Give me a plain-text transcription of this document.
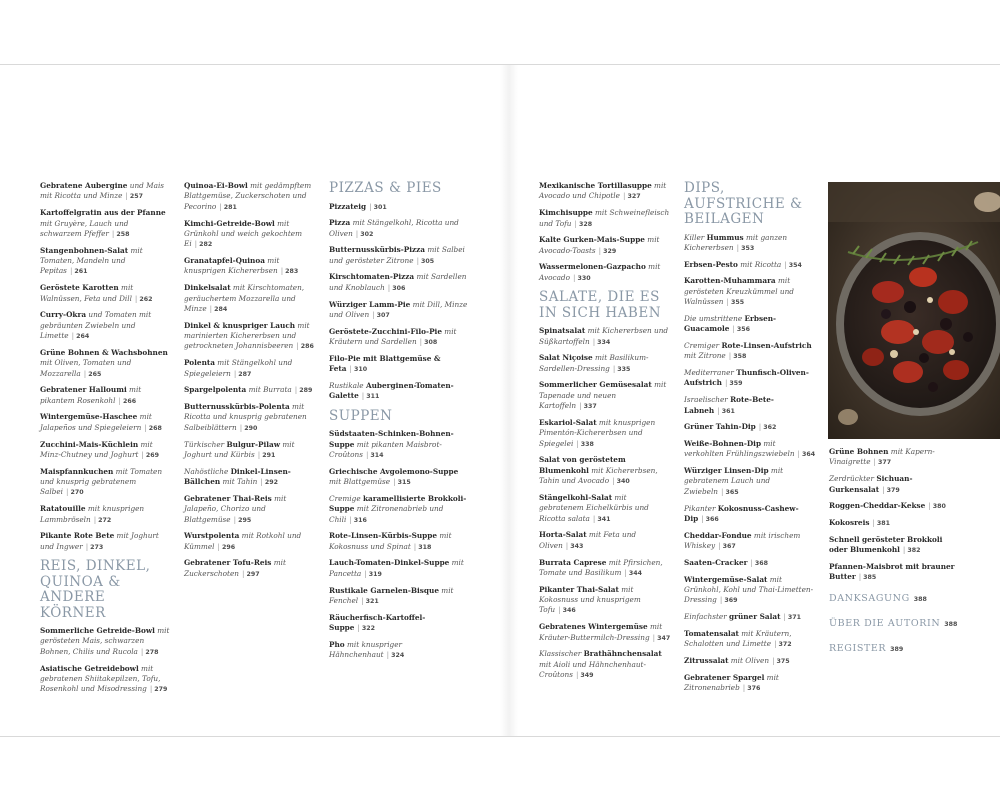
Gebratene Aubergine und Mais mit Ricotta und Minze | 257
Kartoffelgratin aus der Pfanne mit Gruyère, Lauch und schwarzem Pfeffer | 258
Stangenbohnen-Salat mit Tomaten, Mandeln und Pepitas | 261
Geröstete Karotten mit Walnüssen, Feta und Dill | 262
Curry-Okra und Tomaten mit gebräunten Zwiebeln und Limette | 264
Grüne Bohnen & Wachsbohnen mit Oliven, Tomaten und Mozzarella | 265
Gebratener Halloumi mit pikantem Rosenkohl | 266
Wintergemüse-Haschee mit Jalapeños und Spiegeleiern | 268
Zucchini-Mais-Küchlein mit Minz-Chutney und Joghurt | 269
Maispfannkuchen mit Tomaten und knusprig gebratenem Salbei | 270
Ratatouille mit knusprigen Lammbröseln | 272
Pikante Rote Bete mit Joghurt und Ingwer | 273
REIS, DINKEL, QUINOA & ANDERE KÖRNER
Sommerliche Getreide-Bowl mit gerösteten Mais, schwarzen Bohnen, Chilis und Rucola | 278
Asiatische Getreidebowl mit gebratenen Shiitakepilzen, Tofu, Rosenkohl und Misodressing | 279
Quinoa-Ei-Bowl mit gedämpftem Blattgemüse, Zuckerschoten und Pecorino | 281
Kimchi-Getreide-Bowl mit Grünkohl und weich gekochtem Ei | 282
Granatapfel-Quinoa mit knusprigen Kichererbsen | 283
Dinkelsalat mit Kirschtomaten, geräuchertem Mozzarella und Minze | 284
Dinkel & knuspriger Lauch mit marinierten Kichererbsen und getrockneten Johannisbeeren | 286
Polenta mit Stängelkohl und Spiegeleiern | 287
Spargelpolenta mit Burrata | 289
Butternusskürbis-Polenta mit Ricotta und knusprig gebratenen Salbeiblättern | 290
Türkischer Bulgur-Pilaw mit Joghurt und Kürbis | 291
Nahöstliche Dinkel-Linsen-Bällchen mit Tahin | 292
Gebratener Thai-Reis mit Jalapeño, Chorizo und Blattgemüse | 295
Wurstpolenta mit Rotkohl und Kümmel | 296
Gebratener Tofu-Reis mit Zuckerschoten | 297
PIZZAS & PIES
Pizzateig | 301
Pizza mit Stängelkohl, Ricotta und Oliven | 302
Butternusskürbis-Pizza mit Salbei und gerösteter Zitrone | 305
Kirschtomaten-Pizza mit Sardellen und Knoblauch | 306
Würziger Lamm-Pie mit Dill, Minze und Oliven | 307
Geröstete-Zucchini-Filo-Pie mit Kräutern und Sardellen | 308
Filo-Pie mit Blattgemüse & Feta | 310
Rustikale Auberginen-Tomaten-Galette | 311
SUPPEN
Südstaaten-Schinken-Bohnen-Suppe mit pikanten Maisbrot-Croûtons | 314
Griechische Avgolemono-Suppe mit Blattgemüse | 315
Cremige karamellisierte Brokkoli-Suppe mit Zitronenabrieb und Chili | 316
Rote-Linsen-Kürbis-Suppe mit Kokosnuss und Spinat | 318
Lauch-Tomaten-Dinkel-Suppe mit Pancetta | 319
Rustikale Garnelen-Bisque mit Fenchel | 321
Räucherfisch-Kartoffel-Suppe | 322
Pho mit knuspriger Hähnchenhaut | 324
Mexikanische Tortillasuppe mit Avocado und Chipotle | 327
Kimchisuppe mit Schweinefleisch und Tofu | 328
Kalte Gurken-Mais-Suppe mit Avocado-Toasts | 329
Wassermelonen-Gazpacho mit Avocado | 330
SALATE, DIE ES IN SICH HABEN
Spinatsalat mit Kichererbsen und Süßkartoffeln | 334
Salat Niçoise mit Basilikum-Sardellen-Dressing | 335
Sommerlicher Gemüsesalat mit Tapenade und neuen Kartoffeln | 337
Eskariol-Salat mit knusprigen Pimentón-Kichererbsen und Spiegelei | 338
Salat von geröstetem Blumenkohl mit Kichererbsen, Tahin und Avocado | 340
Stängelkohl-Salat mit gebratenem Eichelkürbis und Ricotta salata | 341
Horta-Salat mit Feta und Oliven | 343
Burrata Caprese mit Pfirsichen, Tomate und Basilikum | 344
Pikanter Thai-Salat mit Kokosnuss und knusprigem Tofu | 346
Gebratenes Wintergemüse mit Kräuter-Buttermilch-Dressing | 347
Klassischer Brathähnchensalat mit Aioli und Hähnchenhaut-Croûtons | 349
DIPS, AUFSTRICHE & BEILAGEN
Killer Hummus mit ganzen Kichererbsen | 353
Erbsen-Pesto mit Ricotta | 354
Karotten-Muhammara mit gerösteten Kreuzkümmel und Walnüssen | 355
Die umstrittene Erbsen-Guacamole | 356
Cremiger Rote-Linsen-Aufstrich mit Zitrone | 358
Mediterraner Thunfisch-Oliven-Aufstrich | 359
Israelischer Rote-Bete-Labneh | 361
Grüner Tahin-Dip | 362
Weiße-Bohnen-Dip mit verkohlten Frühlingszwiebeln | 364
Würziger Linsen-Dip mit gebratenem Lauch und Zwiebeln | 365
Pikanter Kokosnuss-Cashew-Dip | 366
Cheddar-Fondue mit irischem Whiskey | 367
Saaten-Cracker | 368
Wintergemüse-Salat mit Grünkohl, Kohl und Thai-Limetten-Dressing | 369
Einfachster grüner Salat | 371
Tomatensalat mit Kräutern, Schalotten und Limette | 372
Zitrussalat mit Oliven | 375
Gebratener Spargel mit Zitronenabrieb | 376
Grüne Bohnen mit Kapern-Vinaigrette | 377
Zerdrückter Sichuan-Gurkensalat | 379
Roggen-Cheddar-Kekse | 380
Kokosreis | 381
Schnell gerösteter Brokkoli oder Blumenkohl | 382
Pfannen-Maisbrot mit brauner Butter | 385
DANKSAGUNG 388
ÜBER DIE AUTORIN 388
REGISTER 389
